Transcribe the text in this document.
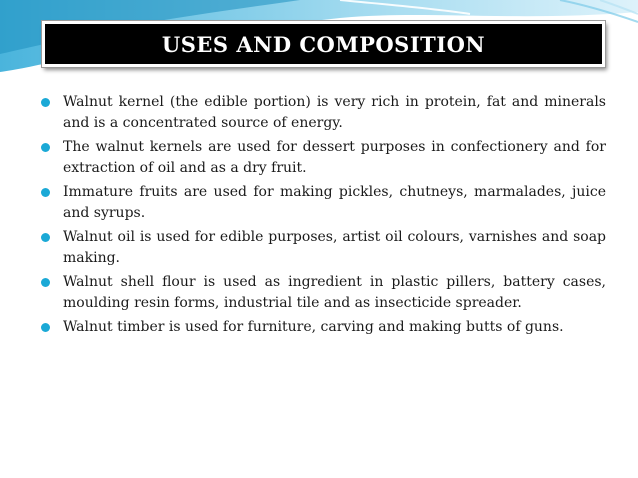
USES AND COMPOSITION
Walnut kernel (the edible portion) is very rich in protein, fat and minerals and is a concentrated source of energy.
The walnut kernels are used for dessert purposes in confectionery and for extraction of oil and as a dry fruit.
Immature fruits are used for making pickles, chutneys, marmalades, juice and syrups.
Walnut oil is used for edible purposes, artist oil colours, varnishes and soap making.
Walnut shell flour is used as ingredient in plastic pillers, battery cases, moulding resin forms, industrial tile and as insecticide spreader.
Walnut timber is used for furniture, carving and making butts of guns.
